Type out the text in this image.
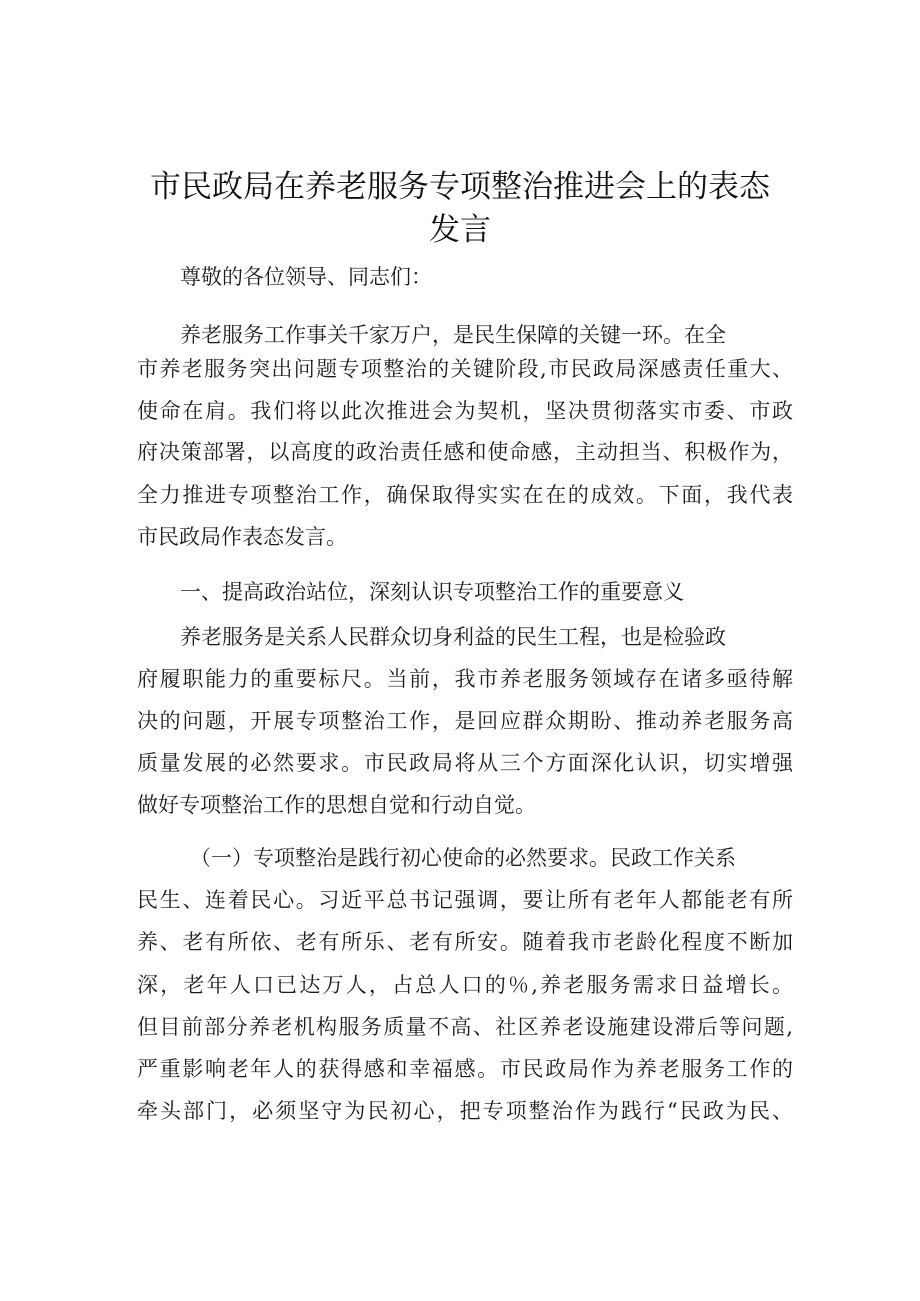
市民政局在养老服务专项整治推进会上的表态
发言
尊敬的各位领导、同志们：
养老服务工作事关千家万户，是民生保障的关键一环。在全
市养老服务突出问题专项整治的关键阶段,市民政局深感责任重大、
使命在肩。我们将以此次推进会为契机，坚决贯彻落实市委、市政
府决策部署，以高度的政治责任感和使命感，主动担当、积极作为，
全力推进专项整治工作，确保取得实实在在的成效。下面，我代表
市民政局作表态发言。
一、提高政治站位，深刻认识专项整治工作的重要意义
养老服务是关系人民群众切身利益的民生工程，也是检验政
府履职能力的重要标尺。当前，我市养老服务领域存在诸多亟待解
决的问题，开展专项整治工作，是回应群众期盼、推动养老服务高
质量发展的必然要求。市民政局将从三个方面深化认识，切实增强
做好专项整治工作的思想自觉和行动自觉。
（一）专项整治是践行初心使命的必然要求。民政工作关系
民生、连着民心。习近平总书记强调，要让所有老年人都能老有所
养、老有所依、老有所乐、老有所安。随着我市老龄化程度不断加
深，老年人口已达万人，占总人口的％,养老服务需求日益增长。
但目前部分养老机构服务质量不高、社区养老设施建设滞后等问题,
严重影响老年人的获得感和幸福感。市民政局作为养老服务工作的
牵头部门，必须坚守为民初心，把专项整治作为践行“民政为民、
